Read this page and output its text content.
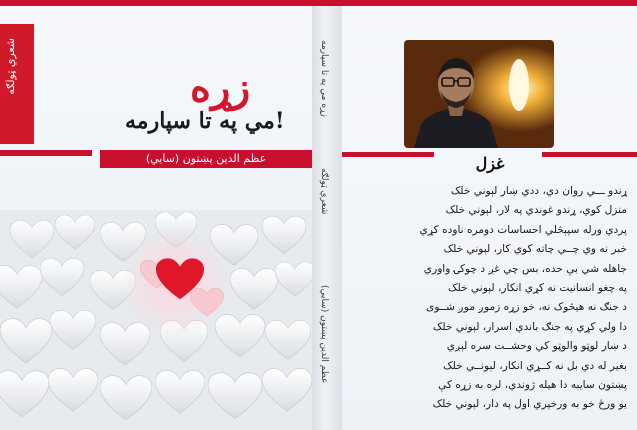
شعري ټولګه	زړه
مي په تا سپارمه!
عظم الدين پښتون (سايي)
زړه مي په تا سپارمه
شعري ټولګه
عظم الدين پښتون (سايي)
غزل
ړندو ـــي روان دي، ددي ښار لېوني خلک
منزل کوي، ړندو غوندي په لار، لېوني خلک
پردي ورله سپېڅلي احساسات دومره ناوده کړي
خبر نه وي چــي چاته کوي کار، لېوني خلک
جاهله شي بې حده، بس چي غږ د چوکۍ واوري
په چغو انسانيت نه کړي انکار، لېوني خلک
د جنګ نه هيڅوک نه، خو زړه زموږ موږ شــوی
دا ولي کړي په جنګ باندي اسرار، لېوني خلک
د ښار لوټو والوټو کي وحشــت سره لېږي
بغير له دي بل نه کــړي انکار، لېونــي خلک
پښتون سايبه دا هيله ژوندي، لره به زړه کې
يو ورځ خو به ورخپري اول په دار، لېوني خلک
